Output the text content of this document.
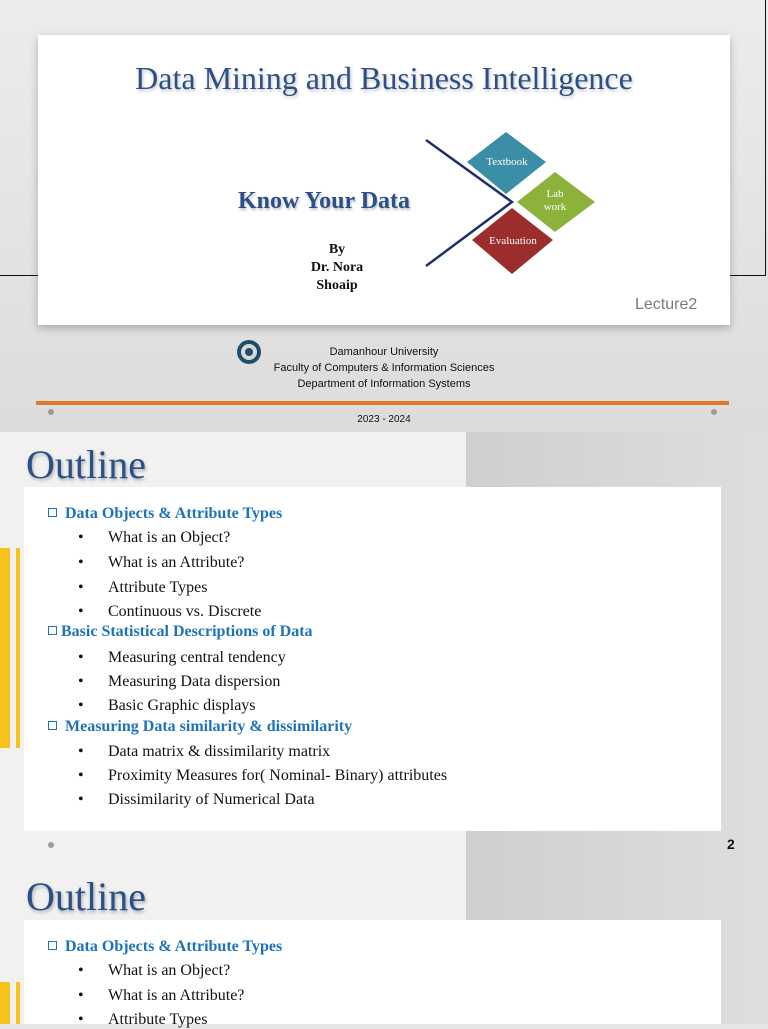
Data Mining and Business Intelligence
Know Your Data
By
Dr. Nora Shoaip
Textbook
Lab
work
Evaluation
Lecture2
Damanhour University
Faculty of Computers & Information Sciences
Department of Information Systems
2023 - 2024
Outline
Data Objects & Attribute Types
• What is an Object?
• What is an Attribute?
• Attribute Types
• Continuous vs. Discrete
Basic Statistical Descriptions of Data
• Measuring central tendency
• Measuring Data dispersion
• Basic Graphic displays
Measuring Data similarity & dissimilarity
• Data matrix & dissimilarity matrix
• Proximity Measures for( Nominal- Binary) attributes
• Dissimilarity of Numerical Data
2
Outline
Data Objects & Attribute Types
• What is an Object?
• What is an Attribute?
• Attribute Types
